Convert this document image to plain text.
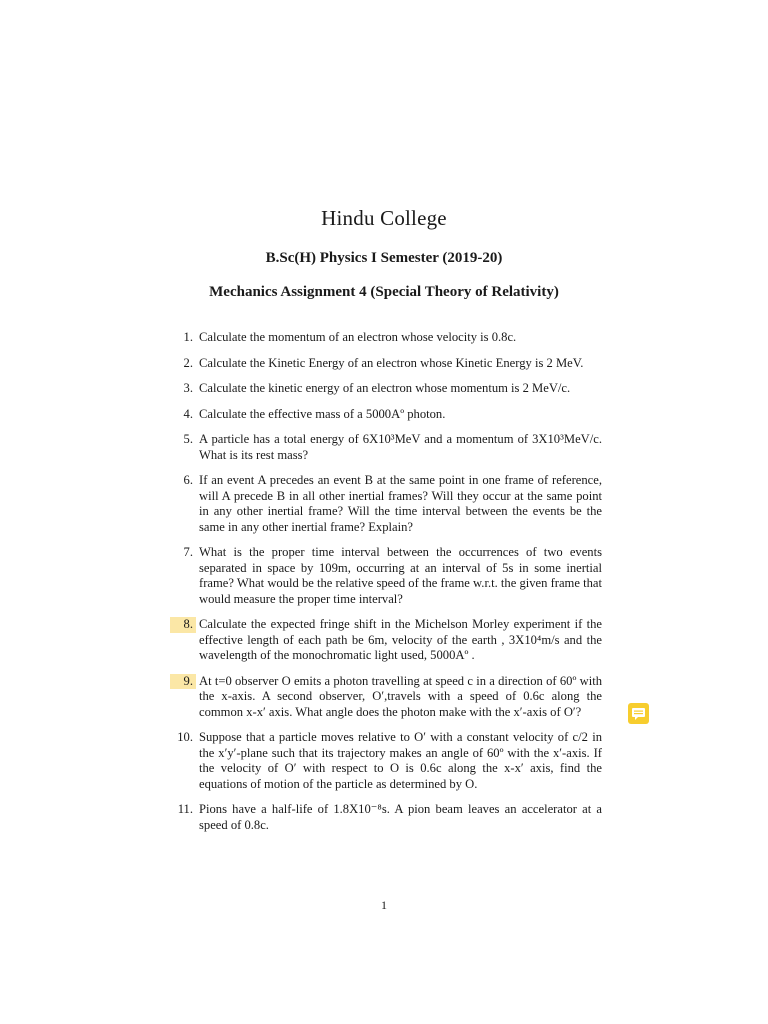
Hindu College
B.Sc(H) Physics I Semester (2019-20)
Mechanics Assignment 4 (Special Theory of Relativity)
1. Calculate the momentum of an electron whose velocity is 0.8c.
2. Calculate the Kinetic Energy of an electron whose Kinetic Energy is 2 MeV.
3. Calculate the kinetic energy of an electron whose momentum is 2 MeV/c.
4. Calculate the effective mass of a 5000Aº photon.
5. A particle has a total energy of 6X10³MeV and a momentum of 3X10³MeV/c. What is its rest mass?
6. If an event A precedes an event B at the same point in one frame of reference, will A precede B in all other inertial frames? Will they occur at the same point in any other inertial frame? Will the time interval between the events be the same in any other inertial frame? Explain?
7. What is the proper time interval between the occurrences of two events separated in space by 109m, occurring at an interval of 5s in some inertial frame? What would be the relative speed of the frame w.r.t. the given frame that would measure the proper time interval?
8. Calculate the expected fringe shift in the Michelson Morley experiment if the effective length of each path be 6m, velocity of the earth , 3X10⁴m/s and the wavelength of the monochromatic light used, 5000Aº .
9. At t=0 observer O emits a photon travelling at speed c in a direction of 60º with the x-axis. A second observer, O′,travels with a speed of 0.6c along the common x-x′ axis. What angle does the photon make with the x′-axis of O′?
10. Suppose that a particle moves relative to O′ with a constant velocity of c/2 in the x′y′-plane such that its trajectory makes an angle of 60º with the x′-axis. If the velocity of O′ with respect to O is 0.6c along the x-x′ axis, find the equations of motion of the particle as determined by O.
11. Pions have a half-life of 1.8X10⁻⁸s. A pion beam leaves an accelerator at a speed of 0.8c.
1
